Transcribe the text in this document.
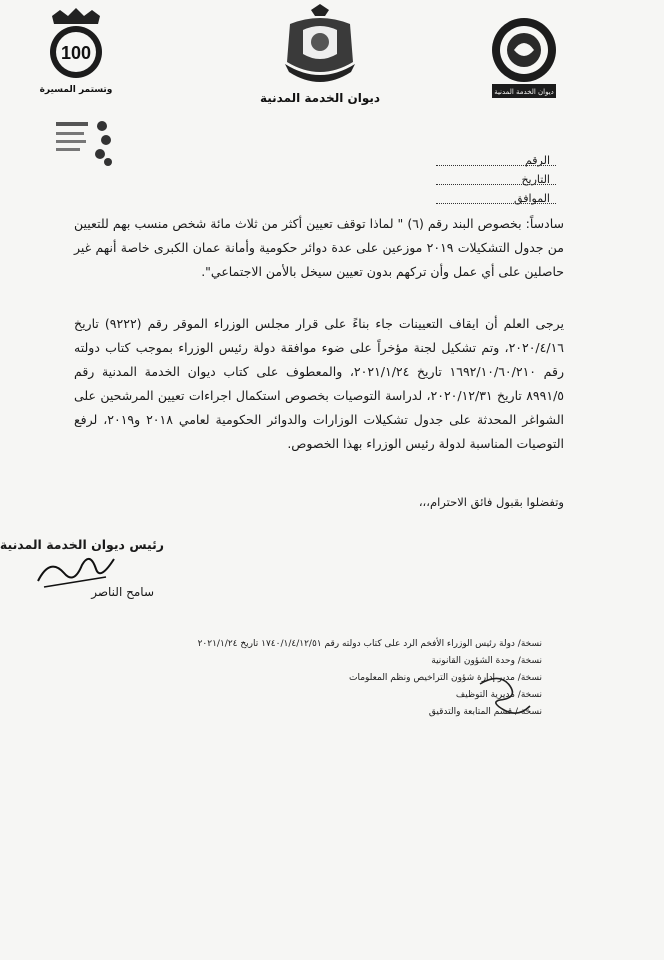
100
وتستمر المسيرة
ديوان الخدمة المدنية	ديوان الخدمة المدنية
الرقم
التاريخ
الموافق
سادساً: بخصوص البند رقم (٦) " لماذا توقف تعيين أكثر من ثلاث مائة شخص منسب بهم للتعيين من جدول التشكيلات ٢٠١٩ موزعين على عدة دوائر حكومية وأمانة عمان الكبرى خاصة أنهم غير حاصلين على أي عمل وأن تركهم بدون تعيين سيخل بالأمن الاجتماعي".
يرجى العلم أن ايقاف التعيينات جاء بناءً على قرار مجلس الوزراء الموقر رقم (٩٢٢٢) تاريخ ٢٠٢٠/٤/١٦، وتم تشكيل لجنة مؤخراً على ضوء موافقة دولة رئيس الوزراء بموجب كتاب دولته رقم ١٦٩٢/١٠/٦٠/٢١٠ تاريخ ٢٠٢١/١/٢٤، والمعطوف على كتاب ديوان الخدمة المدنية رقم ٨٩٩١/٥ تاريخ ٢٠٢٠/١٢/٣١، لدراسة التوصيات بخصوص استكمال اجراءات تعيين المرشحين على الشواغر المحدثة على جدول تشكيلات الوزارات والدوائر الحكومية لعامي ٢٠١٨ و٢٠١٩، لرفع التوصيات المناسبة لدولة رئيس الوزراء بهذا الخصوص.
وتفضلوا بقبول فائق الاحترام،،،
رئيس ديوان الخدمة المدنية
سامح الناصر
نسخة/ دولة رئيس الوزراء الأفخم الرد على كتاب دولته رقم ١٧٤٠/١/٤/١٢/٥١ تاريخ ٢٠٢١/١/٢٤
نسخة/ وحدة الشؤون القانونية
نسخة/ مدير إدارة شؤون التراخيص ونظم المعلومات
نسخة/ مديرية التوظيف
نسخة / قسم المتابعة والتدقيق
